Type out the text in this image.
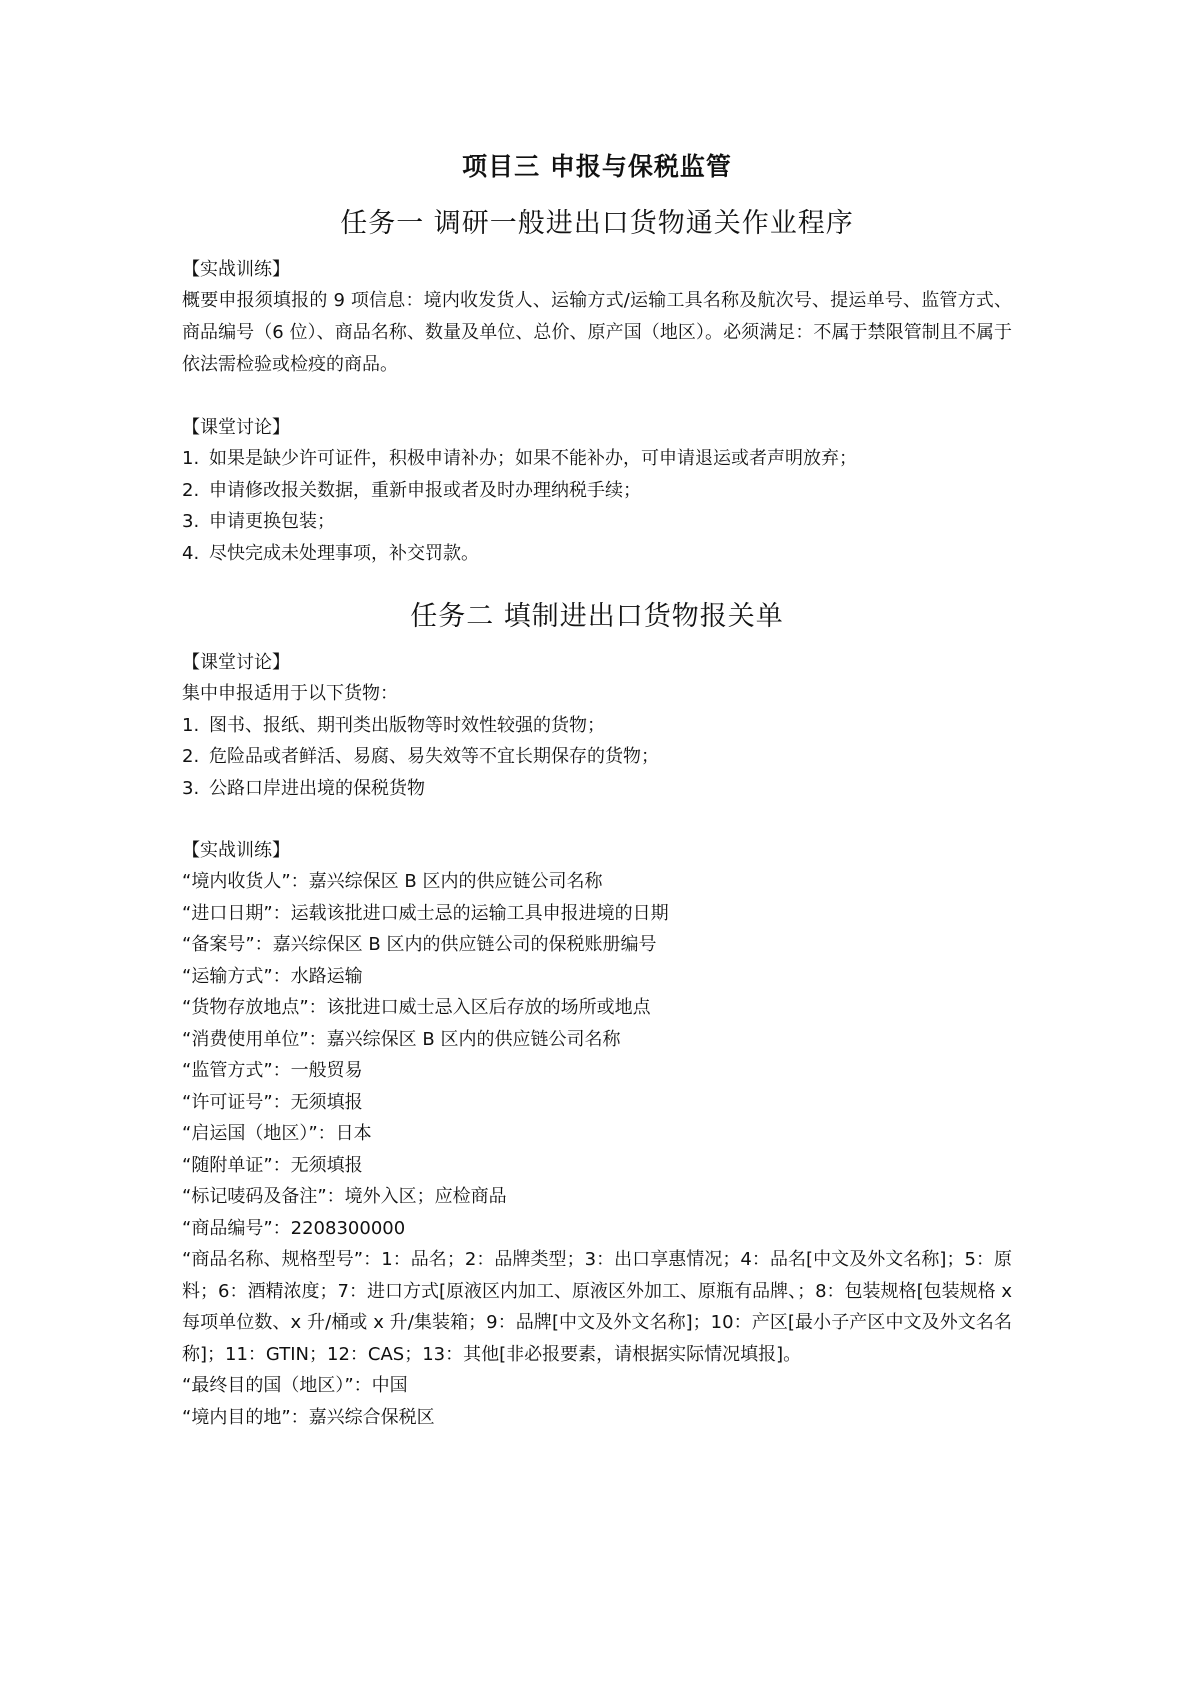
项目三 申报与保税监管
任务一 调研一般进出口货物通关作业程序

【实战训练】

概要申报须填报的 9 项信息：境内收发货人、运输方式/运输工具名称及航次号、提运单号、监管方式、商品编号（6 位）、商品名称、数量及单位、总价、原产国（地区）。必须满足：不属于禁限管制且不属于依法需检验或检疫的商品。

【课堂讨论】

1. 如果是缺少许可证件，积极申请补办；如果不能补办，可申请退运或者声明放弃；

2. 申请修改报关数据，重新申报或者及时办理纳税手续；

3. 申请更换包装；

4. 尽快完成未处理事项，补交罚款。

任务二 填制进出口货物报关单

【课堂讨论】

集中申报适用于以下货物：

1. 图书、报纸、期刊类出版物等时效性较强的货物；

2. 危险品或者鲜活、易腐、易失效等不宜长期保存的货物；

3. 公路口岸进出境的保税货物

【实战训练】

“境内收货人”：嘉兴综保区 B 区内的供应链公司名称

“进口日期”：运载该批进口威士忌的运输工具申报进境的日期

“备案号”：嘉兴综保区 B 区内的供应链公司的保税账册编号

“运输方式”：水路运输

“货物存放地点”：该批进口威士忌入区后存放的场所或地点

“消费使用单位”：嘉兴综保区 B 区内的供应链公司名称

“监管方式”：一般贸易

“许可证号”：无须填报

“启运国（地区）”：日本

“随附单证”：无须填报

“标记唛码及备注”：境外入区；应检商品

“商品编号”：2208300000

“商品名称、规格型号”：1：品名；2：品牌类型；3：出口享惠情况；4：品名[中文及外文名称]；5：原料；6：酒精浓度；7：进口方式[原液区内加工、原液区外加工、原瓶有品牌、；8：包装规格[包装规格 x 每项单位数、x 升/桶或 x 升/集装箱；9：品牌[中文及外文名称]；10：产区[最小子产区中文及外文名名称]；11：GTIN；12：CAS；13：其他[非必报要素，请根据实际情况填报]。

“最终目的国（地区）”：中国

“境内目的地”：嘉兴综合保税区
